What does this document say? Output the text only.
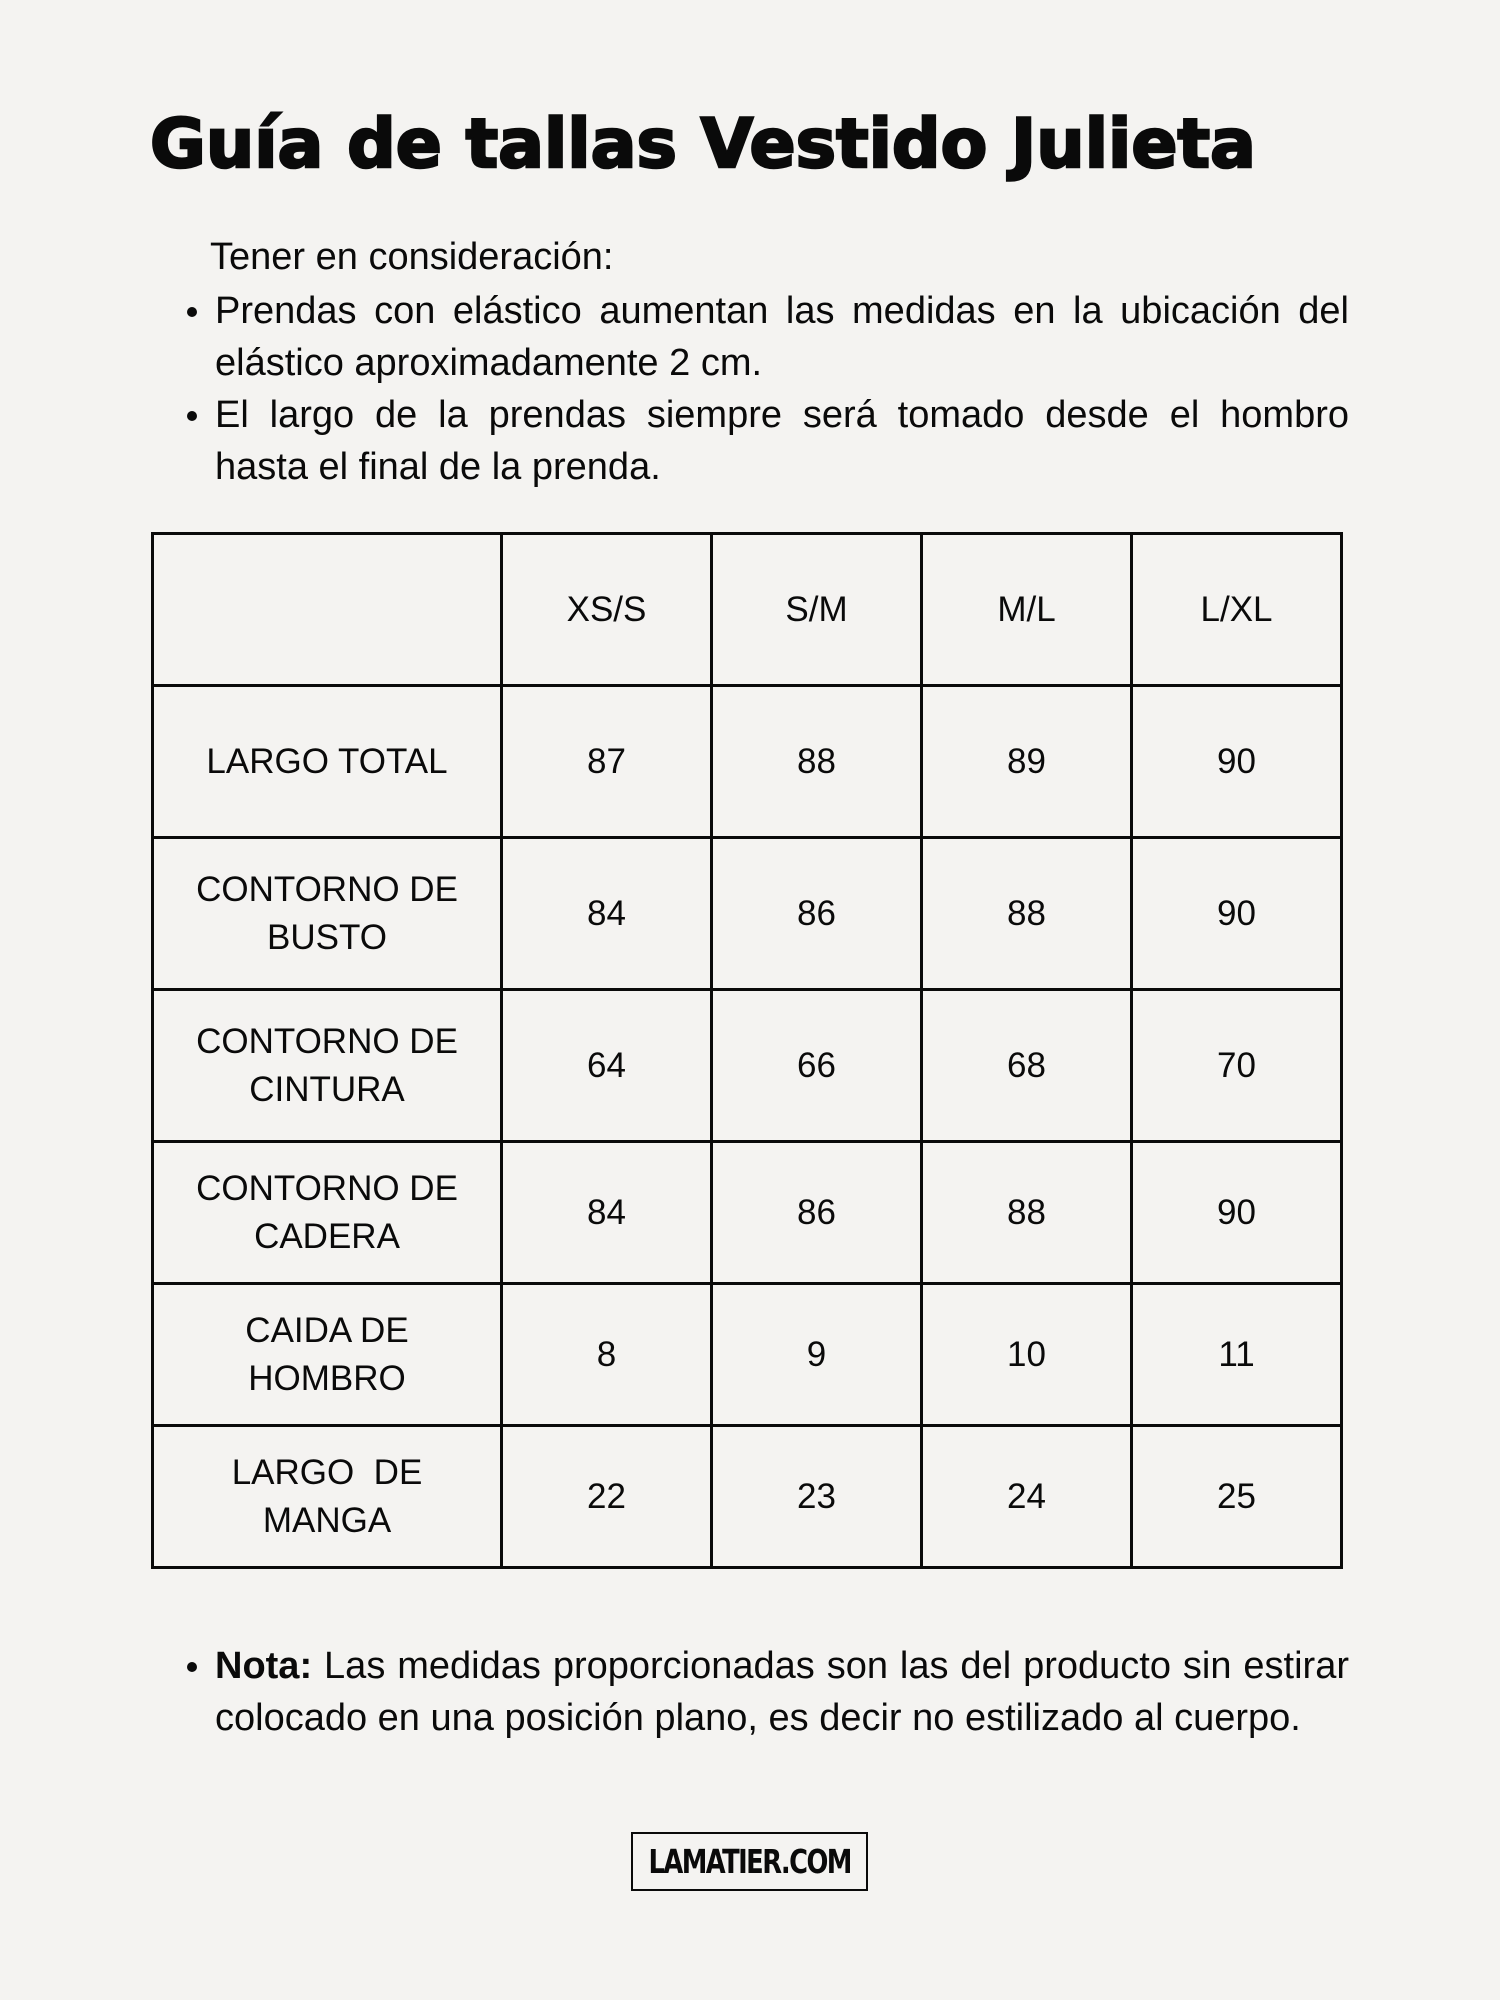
Guía de tallas Vestido Julieta
Tener en consideración:
Prendas con elástico aumentan las medidas en la ubicación del elástico aproximadamente 2 cm.
El largo de la prendas siempre será tomado desde el hombro hasta el final de la prenda.
	XS/S	S/M	M/L	L/XL
LARGO TOTAL	87	88	89	90
CONTORNO DE BUSTO	84	86	88	90
CONTORNO DE CINTURA	64	66	68	70
CONTORNO DE CADERA	84	86	88	90
CAIDA DE HOMBRO	8	9	10	11
LARGO  DE MANGA	22	23	24	25
Nota: Las medidas proporcionadas son las del producto sin estirar colocado en una posición plano, es decir no estilizado al cuerpo.
LAMATIER.COM
